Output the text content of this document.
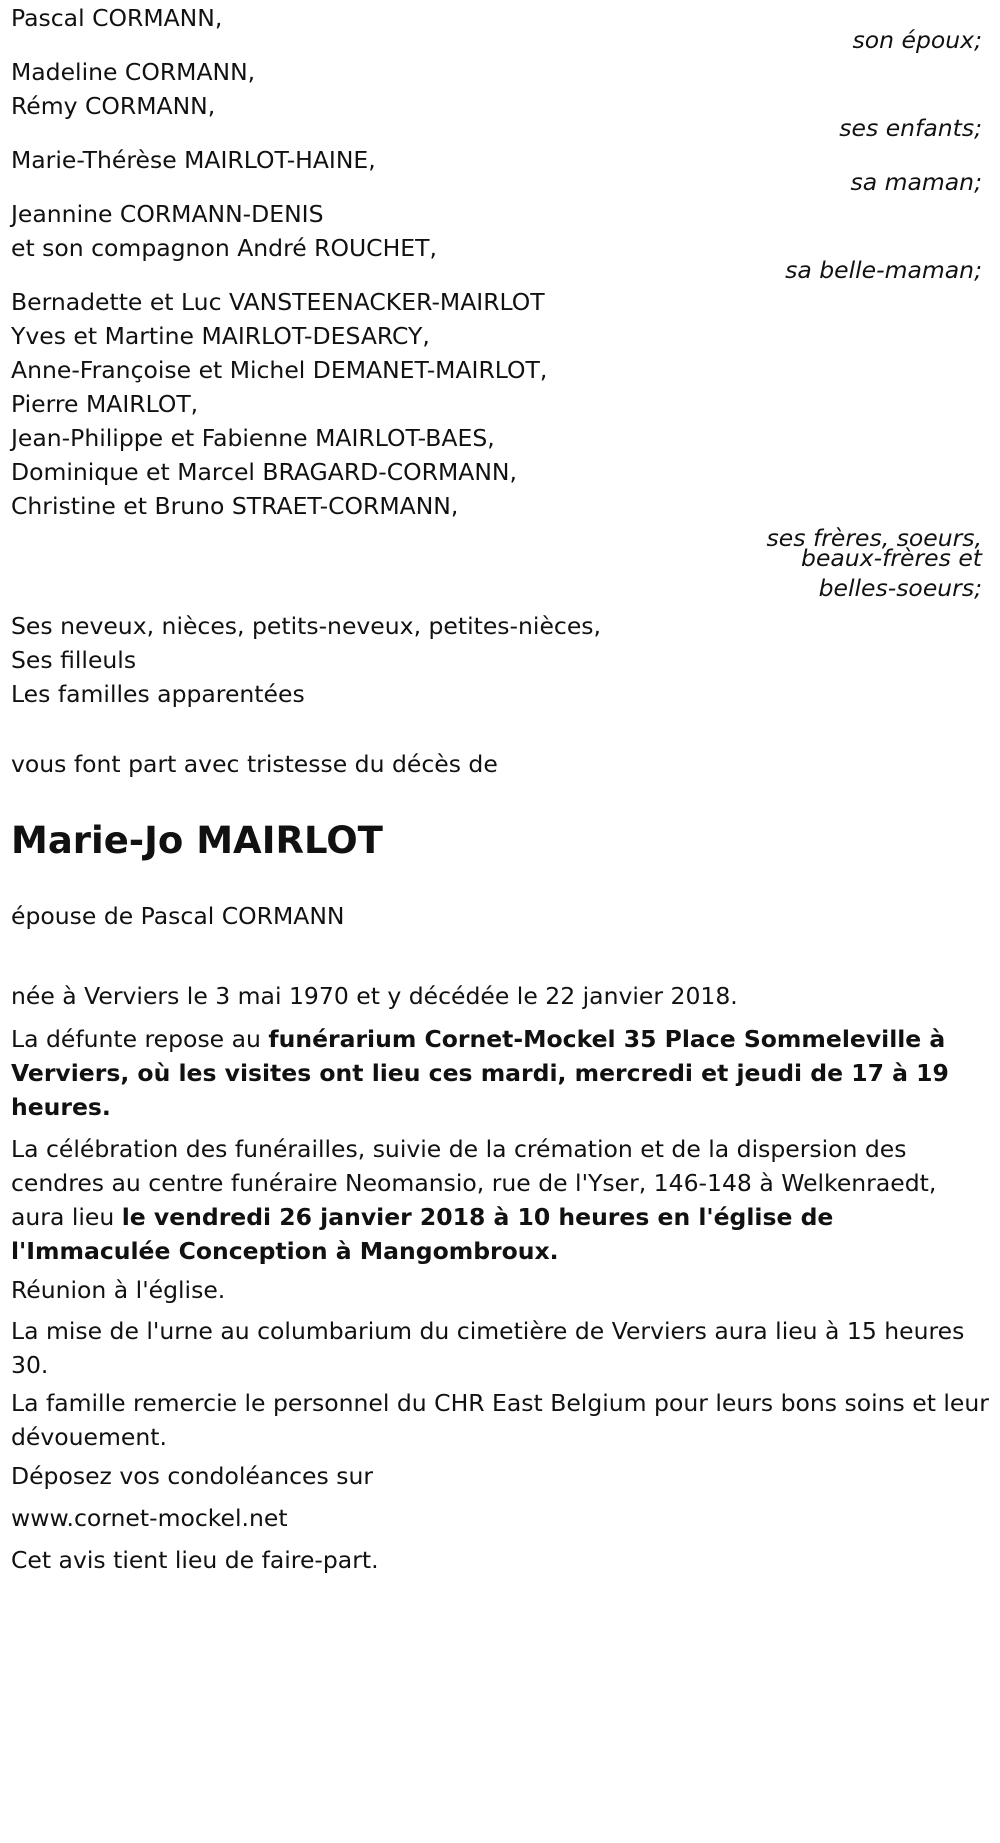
Pascal CORMANN,
son époux;
Madeline CORMANN,
Rémy CORMANN,
ses enfants;
Marie-Thérèse MAIRLOT-HAINE,
sa maman;
Jeannine CORMANN-DENIS
et son compagnon André ROUCHET,
sa belle-maman;
Bernadette et Luc VANSTEENACKER-MAIRLOT
Yves et Martine MAIRLOT-DESARCY,
Anne-Françoise et Michel DEMANET-MAIRLOT,
Pierre MAIRLOT,
Jean-Philippe et Fabienne MAIRLOT-BAES,
Dominique et Marcel BRAGARD-CORMANN,
Christine et Bruno STRAET-CORMANN,
ses frères, soeurs,
beaux-frères et
belles-soeurs;
Ses neveux, nièces, petits-neveux, petites-nièces,
Ses filleuls
Les familles apparentées

vous font part avec tristesse du décès de

Marie-Jo MAIRLOT

épouse de Pascal CORMANN

née à Verviers le 3 mai 1970 et y décédée le 22 janvier 2018.

La défunte repose au funérarium Cornet-Mockel 35 Place Sommeleville à Verviers, où les visites ont lieu ces mardi, mercredi et jeudi de 17 à 19 heures.

La célébration des funérailles, suivie de la crémation et de la dispersion des cendres au centre funéraire Neomansio, rue de l'Yser, 146-148 à Welkenraedt, aura lieu le vendredi 26 janvier 2018 à 10 heures en l'église de l'Immaculée Conception à Mangombroux.

Réunion à l'église.

La mise de l'urne au columbarium du cimetière de Verviers aura lieu à 15 heures 30.

La famille remercie le personnel du CHR East Belgium pour leurs bons soins et leur dévouement.

Déposez vos condoléances sur

www.cornet-mockel.net

Cet avis tient lieu de faire-part.
